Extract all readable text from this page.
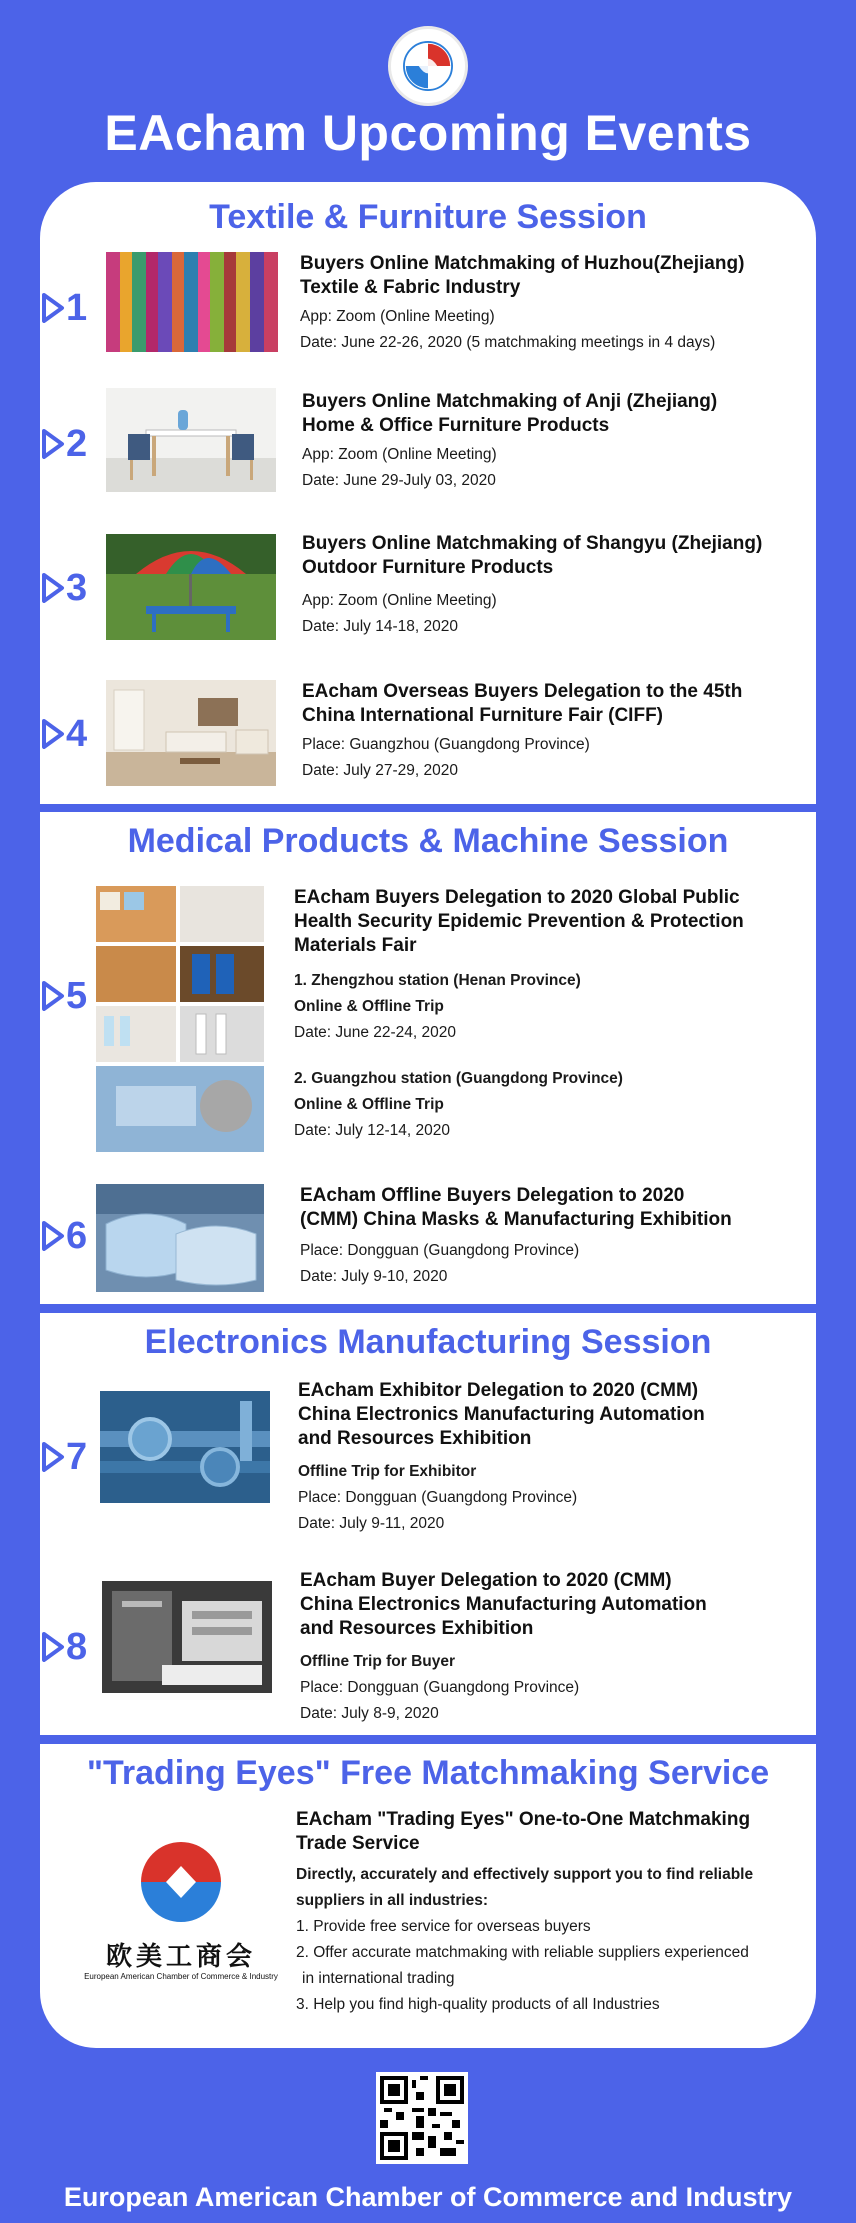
EAcham Upcoming Events
Textile & Furniture Session
1
Buyers Online Matchmaking of Huzhou(Zhejiang)
Textile & Fabric Industry
App: Zoom (Online Meeting)
Date: June 22-26, 2020 (5 matchmaking meetings in 4 days)
2
Buyers Online Matchmaking of Anji (Zhejiang)
Home & Office Furniture Products
App: Zoom (Online Meeting)
Date: June 29-July 03, 2020
3
Buyers Online Matchmaking of Shangyu (Zhejiang)
Outdoor Furniture Products
App: Zoom (Online Meeting)
Date: July 14-18, 2020
4
EAcham Overseas Buyers Delegation to the 45th
China International Furniture Fair (CIFF)
Place: Guangzhou (Guangdong Province)
Date: July 27-29, 2020
Medical Products & Machine Session
5
EAcham Buyers Delegation to 2020 Global Public
Health Security Epidemic Prevention & Protection
Materials Fair
1. Zhengzhou station (Henan Province)
Online & Offline Trip
Date: June 22-24, 2020
2. Guangzhou station (Guangdong Province)
Online & Offline Trip
Date: July 12-14, 2020
6
EAcham Offline Buyers Delegation to 2020
(CMM) China Masks & Manufacturing Exhibition
Place: Dongguan (Guangdong Province)
Date: July 9-10, 2020
Electronics Manufacturing Session
7
EAcham Exhibitor Delegation to 2020 (CMM)
China Electronics Manufacturing Automation
and Resources Exhibition
Offline Trip for Exhibitor
Place: Dongguan (Guangdong Province)
Date: July 9-11, 2020
8
EAcham Buyer Delegation to 2020 (CMM)
China Electronics Manufacturing Automation
and Resources Exhibition
Offline Trip for Buyer
Place: Dongguan (Guangdong Province)
Date: July 8-9, 2020
"Trading Eyes" Free Matchmaking Service
欧美工商会
European American Chamber of Commerce & Industry
EAcham "Trading Eyes" One-to-One Matchmaking
Trade Service
Directly, accurately and effectively support you to find reliable
suppliers in all industries:
1. Provide free service for overseas buyers
2. Offer accurate matchmaking with reliable suppliers experienced
in international trading
3. Help you find high-quality products of all Industries
European American Chamber of Commerce and Industry
